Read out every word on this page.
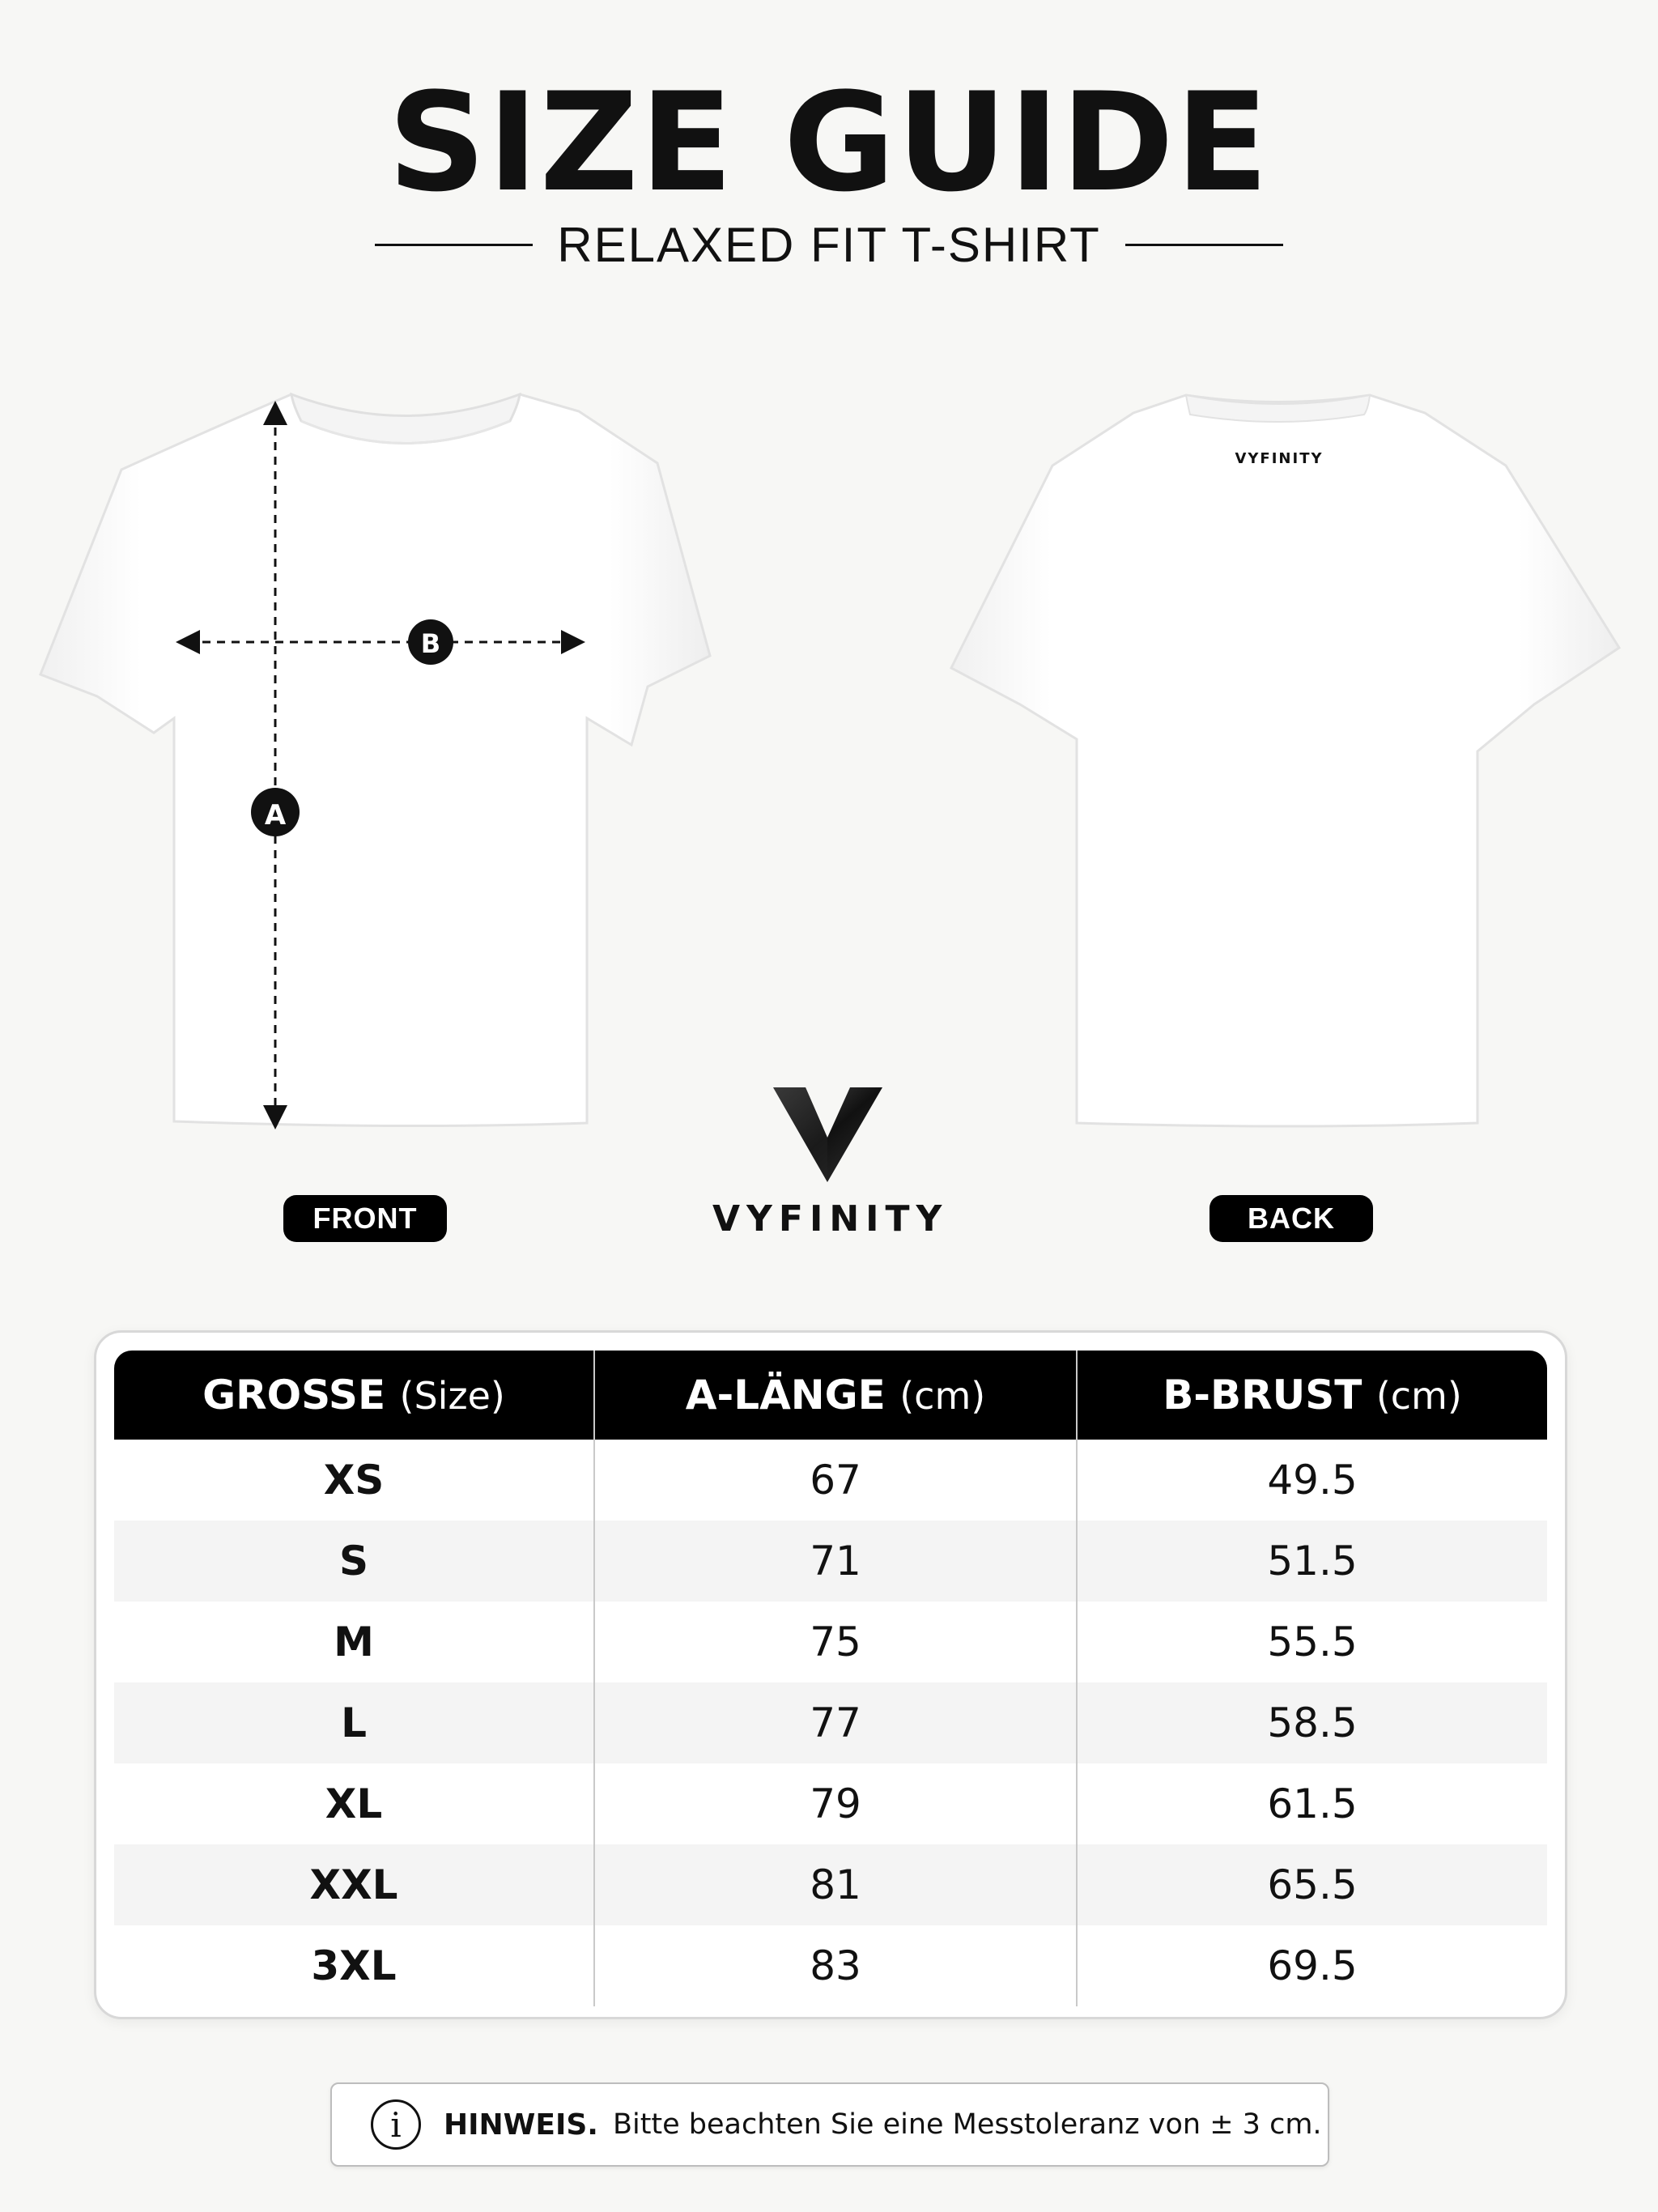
SIZE GUIDE
RELAXED FIT T-SHIRT
A
B
VYFINITY
FRONT	BACK
VYFINITY
GROSSE (Size)	A-LÄNGE (cm)	B-BRUST (cm)
XS	67	49.5
S	71	51.5
M	75	55.5
L	77	58.5
XL	79	61.5
XXL	81	65.5
3XL	83	69.5
i	HINWEIS. Bitte beachten Sie eine Messtoleranz von ± 3 cm.
